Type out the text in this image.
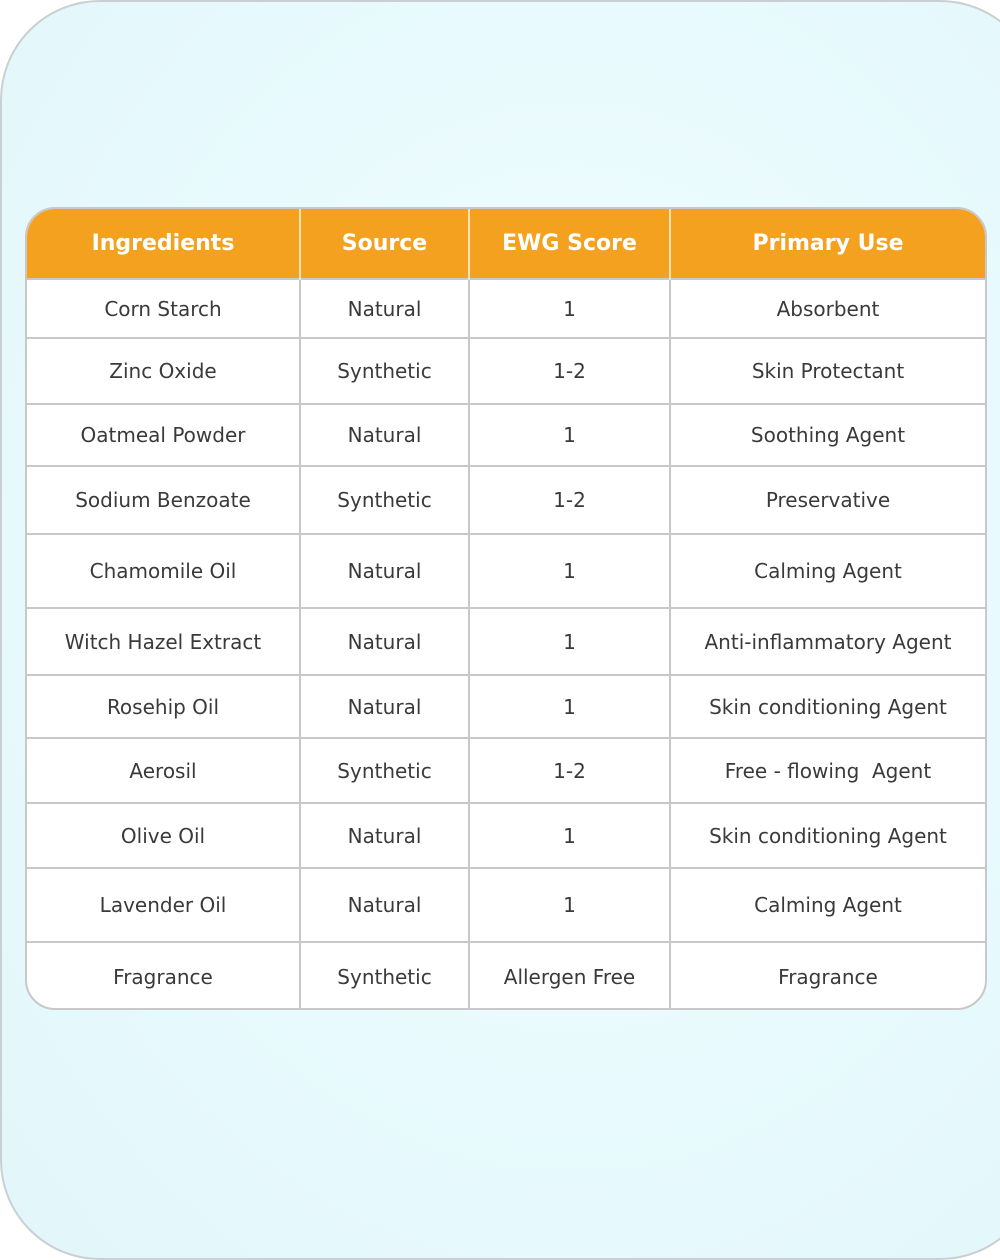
Ingredients	Source	EWG Score	Primary Use
Corn Starch	Natural	1	Absorbent
Zinc Oxide	Synthetic	1-2	Skin Protectant
Oatmeal Powder	Natural	1	Soothing Agent
Sodium Benzoate	Synthetic	1-2	Preservative
Chamomile Oil	Natural	1	Calming Agent
Witch Hazel Extract	Natural	1	Anti-inflammatory Agent
Rosehip Oil	Natural	1	Skin conditioning Agent
Aerosil	Synthetic	1-2	Free - flowing  Agent
Olive Oil	Natural	1	Skin conditioning Agent
Lavender Oil	Natural	1	Calming Agent
Fragrance	Synthetic	Allergen Free	Fragrance
